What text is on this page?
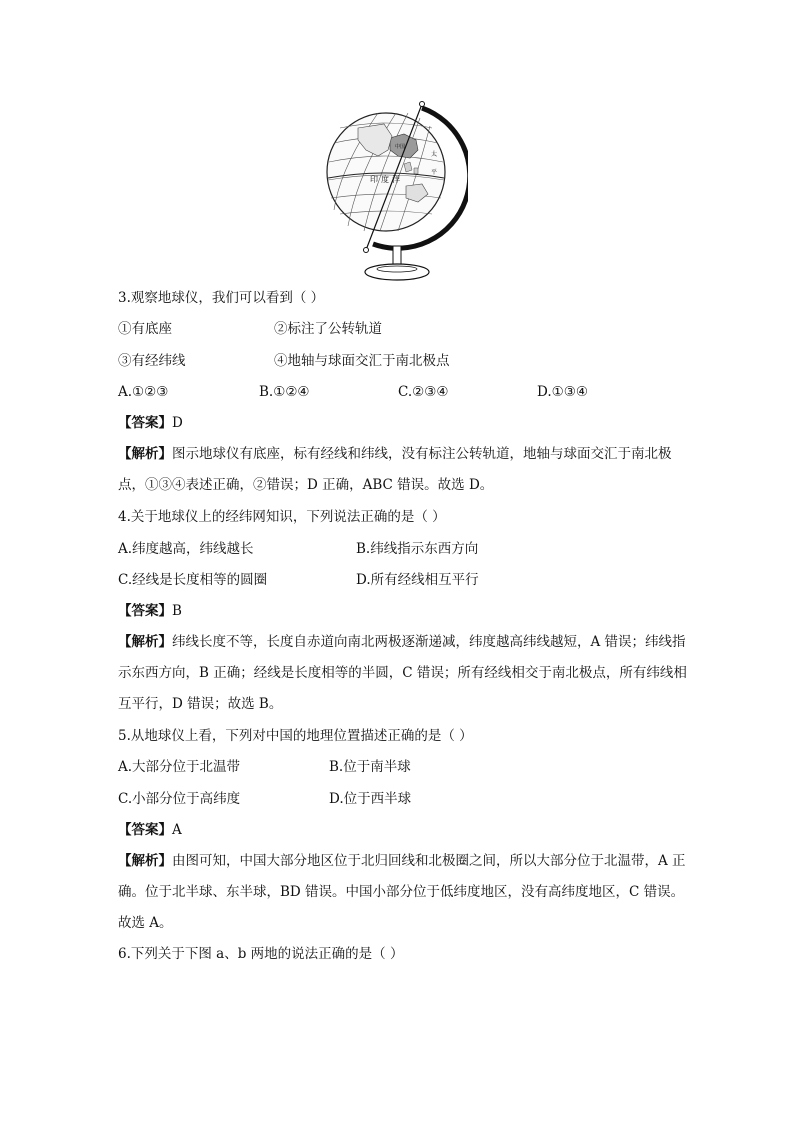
中国
印度洋
太
平
3.观察地球仪，我们可以看到（ ）
①有底座	②标注了公转轨道
③有经纬线	④地轴与球面交汇于南北极点
A.①②③	B.①②④	C.②③④	D.①③④
【答案】D
【解析】图示地球仪有底座，标有经线和纬线，没有标注公转轨道，地轴与球面交汇于南北极点，①③④表述正确，②错误；D 正确，ABC 错误。故选 D。
4.关于地球仪上的经纬网知识，下列说法正确的是（ ）
A.纬度越高，纬线越长	B.纬线指示东西方向
C.经线是长度相等的圆圈	D.所有经线相互平行
【答案】B
【解析】纬线长度不等，长度自赤道向南北两极逐渐递减，纬度越高纬线越短，A 错误；纬线指示东西方向，B 正确；经线是长度相等的半圆，C 错误；所有经线相交于南北极点，所有纬线相互平行，D 错误；故选 B。
5.从地球仪上看，下列对中国的地理位置描述正确的是（ ）
A.大部分位于北温带	B.位于南半球
C.小部分位于高纬度	D.位于西半球
【答案】A
【解析】由图可知，中国大部分地区位于北归回线和北极圈之间，所以大部分位于北温带，A 正确。位于北半球、东半球，BD 错误。中国小部分位于低纬度地区，没有高纬度地区，C 错误。故选 A。
6.下列关于下图 a、b 两地的说法正确的是（ ）
